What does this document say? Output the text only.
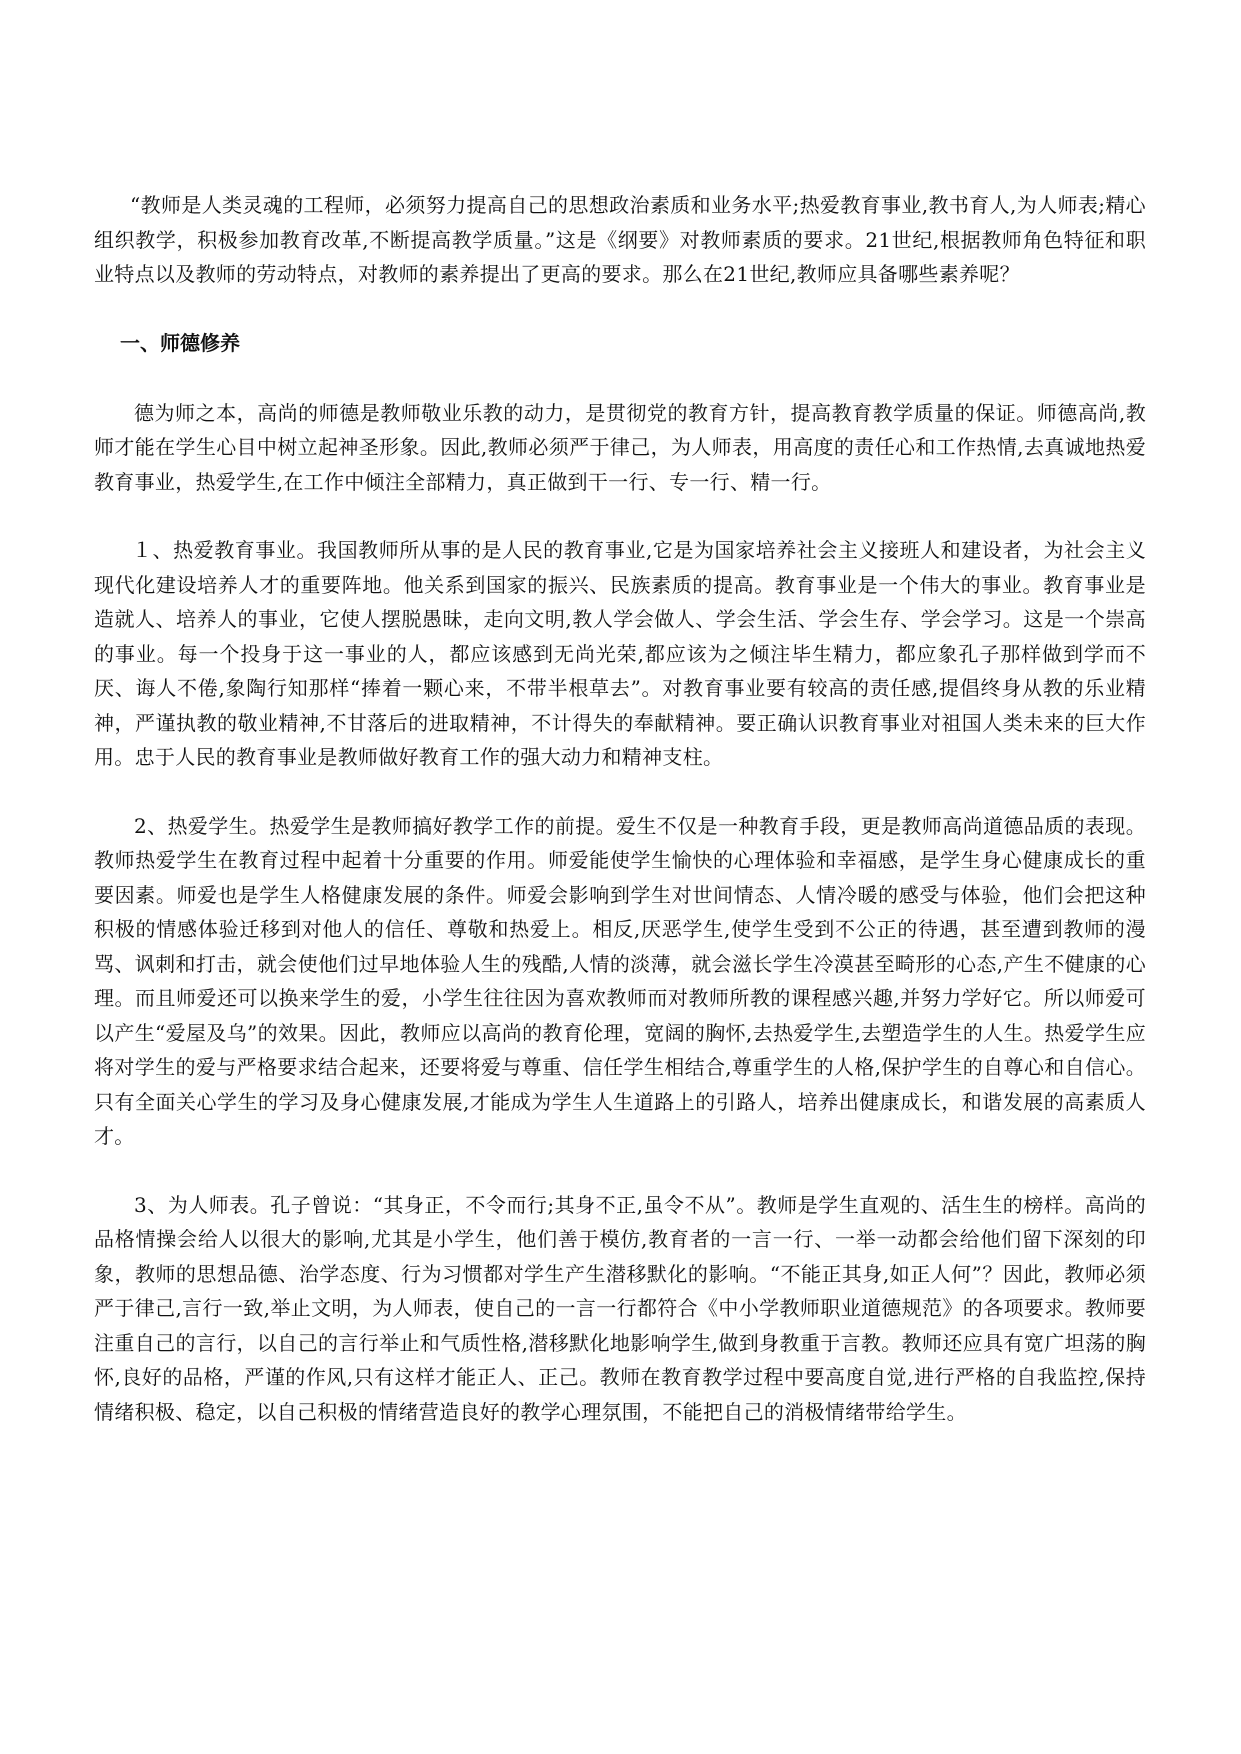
“教师是人类灵魂的工程师，必须努力提高自己的思想政治素质和业务水平;热爱教育事业,教书育人,为人师表;精心组织教学，积极参加教育改革,不断提高教学质量。”这是《纲要》对教师素质的要求。21世纪,根据教师角色特征和职业特点以及教师的劳动特点，对教师的素养提出了更高的要求。那么在21世纪,教师应具备哪些素养呢？

一、师德修养

德为师之本，高尚的师德是教师敬业乐教的动力，是贯彻党的教育方针，提高教育教学质量的保证。师德高尚,教师才能在学生心目中树立起神圣形象。因此,教师必须严于律己，为人师表，用高度的责任心和工作热情,去真诚地热爱教育事业，热爱学生,在工作中倾注全部精力，真正做到干一行、专一行、精一行。

１、热爱教育事业。我国教师所从事的是人民的教育事业,它是为国家培养社会主义接班人和建设者，为社会主义现代化建设培养人才的重要阵地。他关系到国家的振兴、民族素质的提高。教育事业是一个伟大的事业。教育事业是造就人、培养人的事业，它使人摆脱愚昧，走向文明,教人学会做人、学会生活、学会生存、学会学习。这是一个崇高的事业。每一个投身于这一事业的人，都应该感到无尚光荣,都应该为之倾注毕生精力，都应象孔子那样做到学而不厌、诲人不倦,象陶行知那样“捧着一颗心来，不带半根草去”。对教育事业要有较高的责任感,提倡终身从教的乐业精神，严谨执教的敬业精神,不甘落后的进取精神，不计得失的奉献精神。要正确认识教育事业对祖国人类未来的巨大作用。忠于人民的教育事业是教师做好教育工作的强大动力和精神支柱。

2、热爱学生。热爱学生是教师搞好教学工作的前提。爱生不仅是一种教育手段，更是教师高尚道德品质的表现。教师热爱学生在教育过程中起着十分重要的作用。师爱能使学生愉快的心理体验和幸福感，是学生身心健康成长的重要因素。师爱也是学生人格健康发展的条件。师爱会影响到学生对世间情态、人情冷暖的感受与体验，他们会把这种积极的情感体验迁移到对他人的信任、尊敬和热爱上。相反,厌恶学生,使学生受到不公正的待遇，甚至遭到教师的漫骂、讽刺和打击，就会使他们过早地体验人生的残酷,人情的淡薄，就会滋长学生冷漠甚至畸形的心态,产生不健康的心理。而且师爱还可以换来学生的爱，小学生往往因为喜欢教师而对教师所教的课程感兴趣,并努力学好它。所以师爱可以产生“爱屋及乌”的效果。因此，教师应以高尚的教育伦理，宽阔的胸怀,去热爱学生,去塑造学生的人生。热爱学生应将对学生的爱与严格要求结合起来，还要将爱与尊重、信任学生相结合,尊重学生的人格,保护学生的自尊心和自信心。只有全面关心学生的学习及身心健康发展,才能成为学生人生道路上的引路人，培养出健康成长，和谐发展的高素质人才。

3、为人师表。孔子曾说：“其身正，不令而行;其身不正,虽令不从”。教师是学生直观的、活生生的榜样。高尚的品格情操会给人以很大的影响,尤其是小学生，他们善于模仿,教育者的一言一行、一举一动都会给他们留下深刻的印象，教师的思想品德、治学态度、行为习惯都对学生产生潜移默化的影响。“不能正其身,如正人何”？因此，教师必须严于律己,言行一致,举止文明，为人师表，使自己的一言一行都符合《中小学教师职业道德规范》的各项要求。教师要注重自己的言行，以自己的言行举止和气质性格,潜移默化地影响学生,做到身教重于言教。教师还应具有宽广坦荡的胸怀,良好的品格，严谨的作风,只有这样才能正人、正己。教师在教育教学过程中要高度自觉,进行严格的自我监控,保持情绪积极、稳定，以自己积极的情绪营造良好的教学心理氛围，不能把自己的消极情绪带给学生。
